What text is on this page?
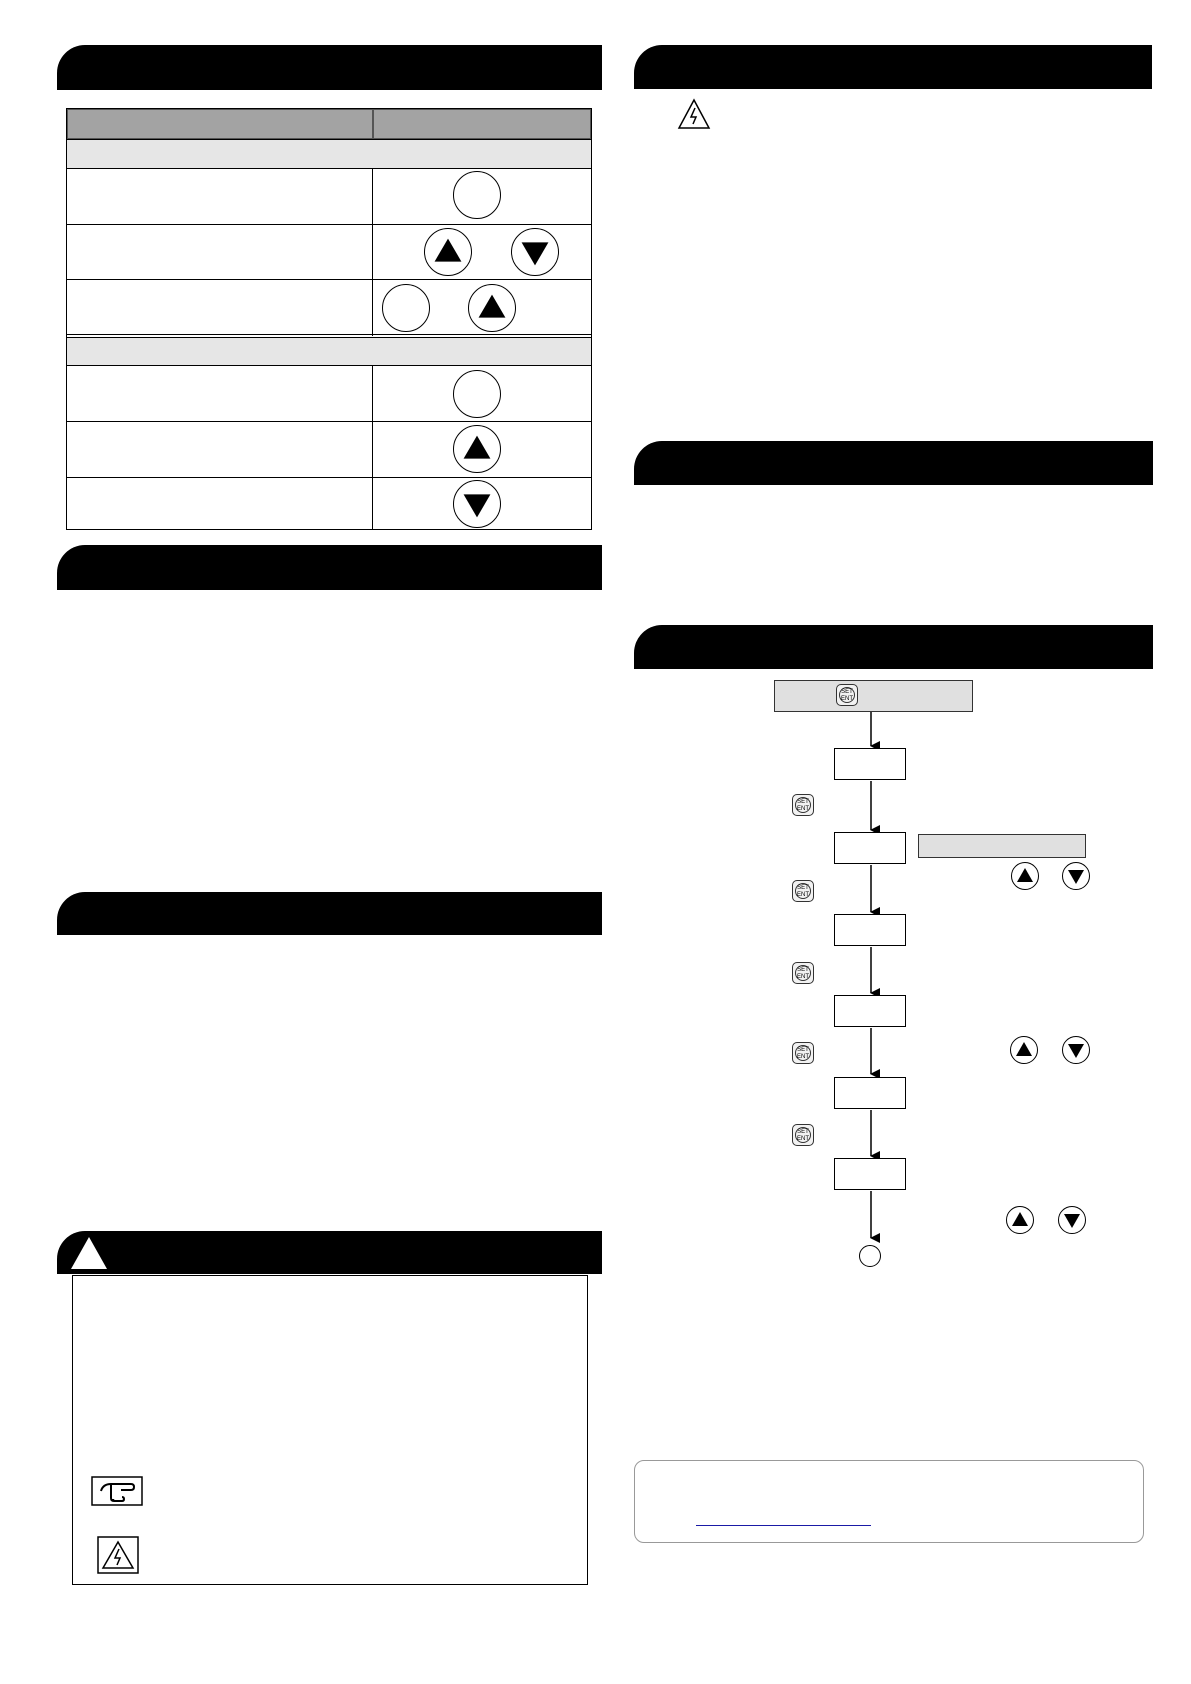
SET ENT
SET ENT
SET ENT
SET ENT
SET ENT
SET ENT
